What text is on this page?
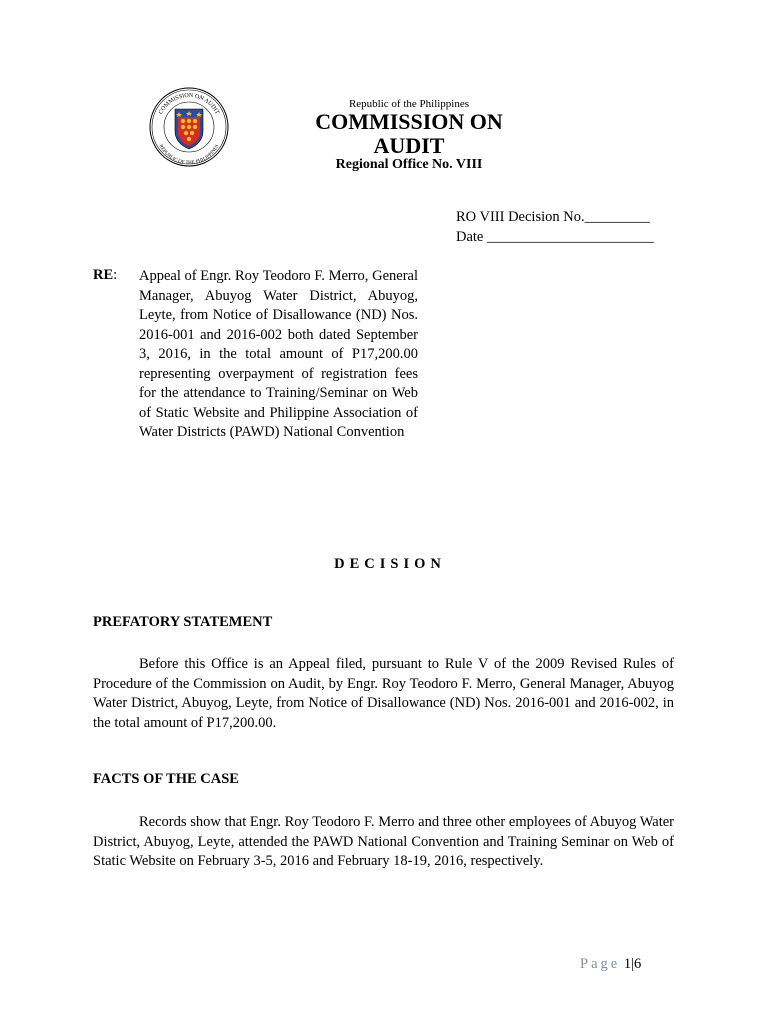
COMMISSION ON AUDIT
REPUBLIC OF THE PHILIPPINES
Republic of the Philippines
COMMISSION ON AUDIT
Regional Office No. VIII
RO VIII Decision No._________
Date _______________________
RE: Appeal of Engr. Roy Teodoro F. Merro, General Manager, Abuyog Water District, Abuyog, Leyte, from Notice of Disallowance (ND) Nos. 2016-001 and 2016-002 both dated September 3, 2016, in the total amount of P17,200.00 representing overpayment of registration fees for the attendance to Training/Seminar on Web of Static Website and Philippine Association of Water Districts (PAWD) National Convention
DECISION
PREFATORY STATEMENT
Before this Office is an Appeal filed, pursuant to Rule V of the 2009 Revised Rules of Procedure of the Commission on Audit, by Engr. Roy Teodoro F. Merro, General Manager, Abuyog Water District, Abuyog, Leyte, from Notice of Disallowance (ND) Nos. 2016-001 and 2016-002, in the total amount of P17,200.00.
FACTS OF THE CASE
Records show that Engr. Roy Teodoro F. Merro and three other employees of Abuyog Water District, Abuyog, Leyte, attended the PAWD National Convention and Training Seminar on Web of Static Website on February 3-5, 2016 and February 18-19, 2016, respectively.
Page 1|6
